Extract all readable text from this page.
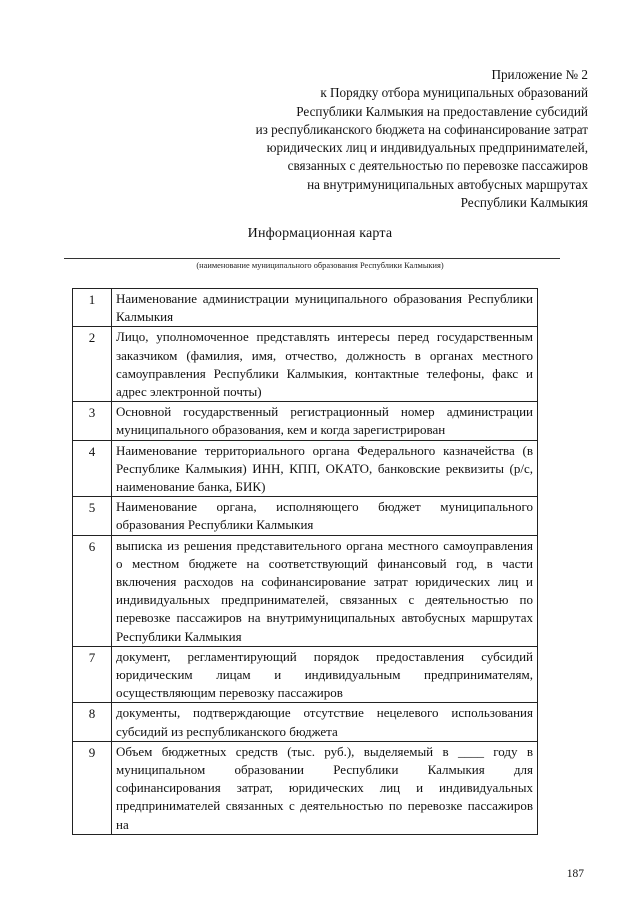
Приложение № 2
к Порядку отбора муниципальных образований
Республики Калмыкия на предоставление субсидий
из республиканского бюджета на софинансирование затрат
юридических лиц и индивидуальных предпринимателей,
связанных с деятельностью по перевозке пассажиров
на внутримуниципальных автобусных маршрутах
Республики Калмыкия
Информационная карта
(наименование муниципального образования Республики Калмыкия)
1	Наименование администрации муниципального образования Республики Калмыкия
2	Лицо, уполномоченное представлять интересы перед государственным заказчиком (фамилия, имя, отчество, должность в органах местного самоуправления Республики Калмыкия, контактные телефоны, факс и адрес электронной почты)
3	Основной государственный регистрационный номер администрации муниципального образования, кем и когда зарегистрирован
4	Наименование территориального органа Федерального казначейства (в Республике Калмыкия) ИНН, КПП, ОКАТО, банковские реквизиты (р/с, наименование банка, БИК)
5	Наименование органа, исполняющего бюджет муниципального образования Республики Калмыкия
6	выписка из решения представительного органа местного самоуправления о местном бюджете на соответствующий финансовый год, в части включения расходов на софинансирование затрат юридических лиц и индивидуальных предпринимателей, связанных с деятельностью по перевозке пассажиров на внутримуниципальных автобусных маршрутах Республики Калмыкия
7	документ, регламентирующий порядок предоставления субсидий юридическим лицам и индивидуальным предпринимателям, осуществляющим перевозку пассажиров
8	документы, подтверждающие отсутствие нецелевого использования субсидий из республиканского бюджета
9	Объем бюджетных средств (тыс. руб.), выделяемый в ____ году в муниципальном образовании Республики Калмыкия для софинансирования затрат, юридических лиц и индивидуальных предпринимателей связанных с деятельностью по перевозке пассажиров на
187
